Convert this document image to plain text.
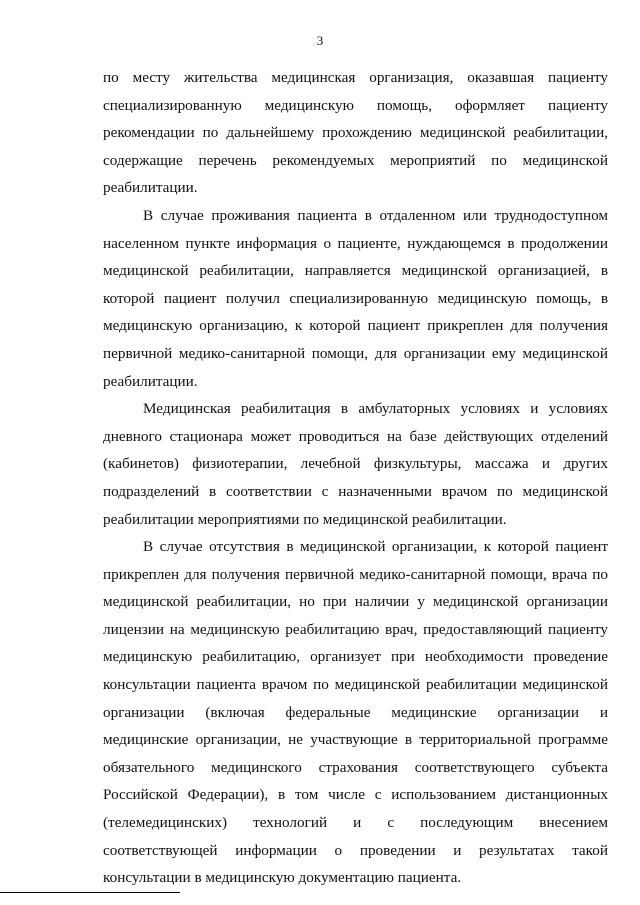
3
по месту жительства медицинская организация, оказавшая пациенту
специализированную медицинскую помощь, оформляет пациенту
рекомендации по дальнейшему прохождению медицинской реабилитации,
содержащие перечень рекомендуемых мероприятий по медицинской
реабилитации.
В случае проживания пациента в отдаленном или труднодоступном
населенном пункте информация о пациенте, нуждающемся в продолжении
медицинской реабилитации, направляется медицинской организацией, в
которой пациент получил специализированную медицинскую помощь, в
медицинскую организацию, к которой пациент прикреплен для получения
первичной медико-санитарной помощи, для организации ему медицинской
реабилитации.
Медицинская реабилитация в амбулаторных условиях и условиях
дневного стационара может проводиться на базе действующих отделений
(кабинетов) физиотерапии, лечебной физкультуры, массажа и других
подразделений в соответствии с назначенными врачом по медицинской
реабилитации мероприятиями по медицинской реабилитации.
В случае отсутствия в медицинской организации, к которой пациент
прикреплен для получения первичной медико-санитарной помощи, врача по
медицинской реабилитации, но при наличии у медицинской организации
лицензии на медицинскую реабилитацию врач, предоставляющий пациенту
медицинскую реабилитацию, организует при необходимости проведение
консультации пациента врачом по медицинской реабилитации медицинской
организации (включая федеральные медицинские организации и
медицинские организации, не участвующие в территориальной программе
обязательного медицинского страхования соответствующего субъекта
Российской Федерации), в том числе с использованием дистанционных
(телемедицинских) технологий и с последующим внесением
соответствующей информации о проведении и результатах такой
консультации в медицинскую документацию пациента.
